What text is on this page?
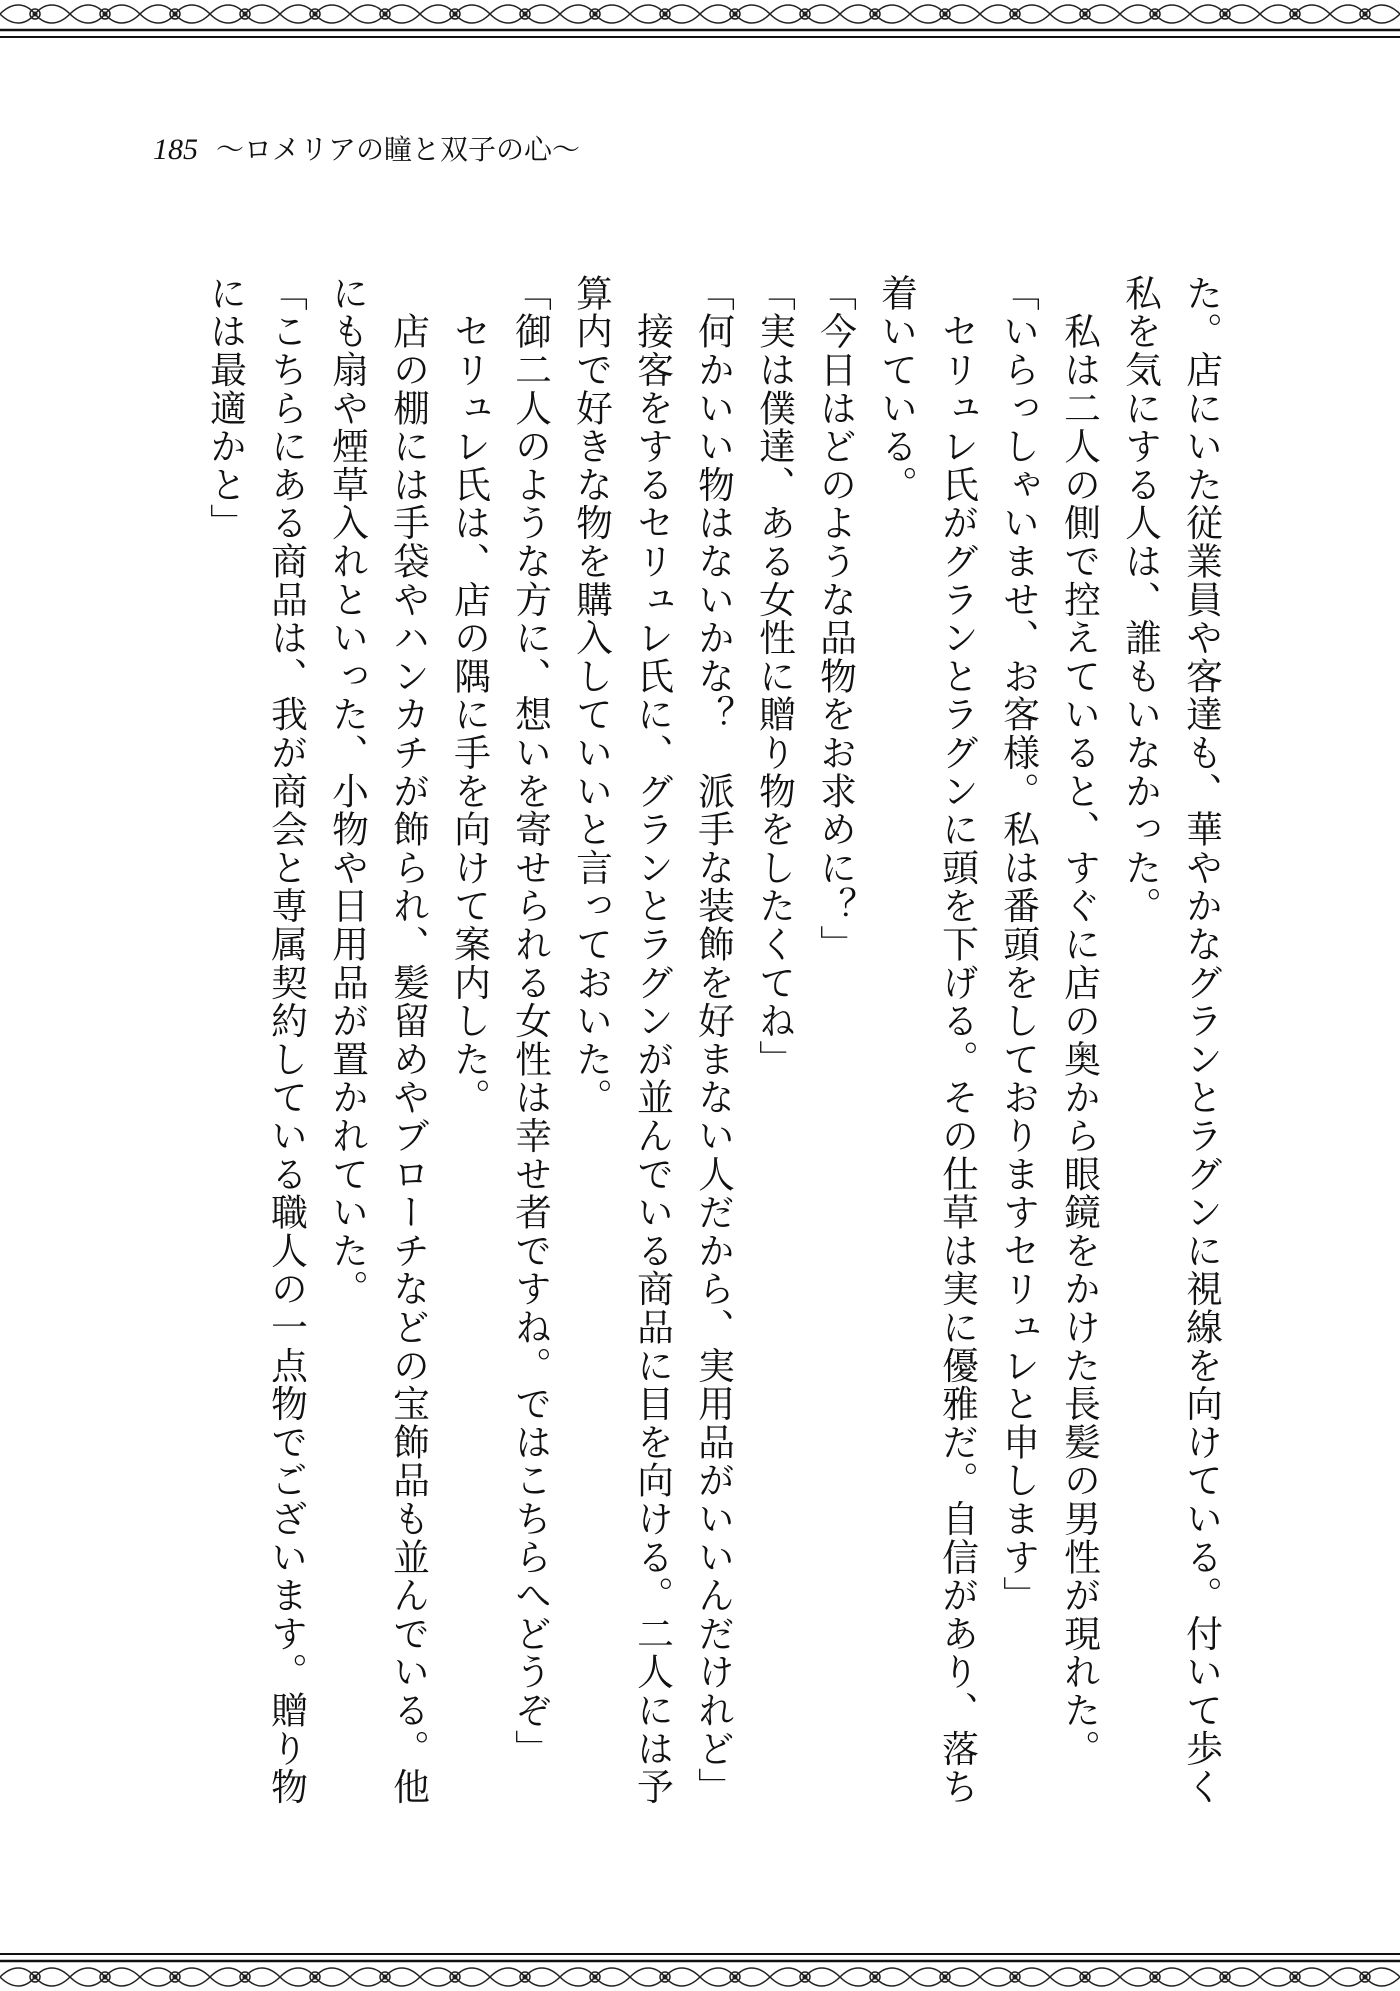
185 〜ロメリアの瞳と双子の心〜

た。店にいた従業員や客達も、華やかなグランとラグンに視線を向けている。付いて歩く私を気にする人は、誰もいなかった。

　私は二人の側で控えていると、すぐに店の奥から眼鏡をかけた長髪の男性が現れた。

「いらっしゃいませ、お客様。私は番頭をしておりますセリュレと申します」

　セリュレ氏がグランとラグンに頭を下げる。その仕草は実に優雅だ。自信があり、落ち着いている。

「今日はどのような品物をお求めに？」

「実は僕達、ある女性に贈り物をしたくてね」

「何かいい物はないかな？　派手な装飾を好まない人だから、実用品がいいんだけれど」

　接客をするセリュレ氏に、グランとラグンが並んでいる商品に目を向ける。二人には予算内で好きな物を購入していいと言っておいた。

「御二人のような方に、想いを寄せられる女性は幸せ者ですね。ではこちらへどうぞ」

　セリュレ氏は、店の隅に手を向けて案内した。

　店の棚には手袋やハンカチが飾られ、髪留めやブローチなどの宝飾品も並んでいる。他にも扇や煙草入れといった、小物や日用品が置かれていた。

「こちらにある商品は、我が商会と専属契約している職人の一点物でございます。贈り物には最適かと」
